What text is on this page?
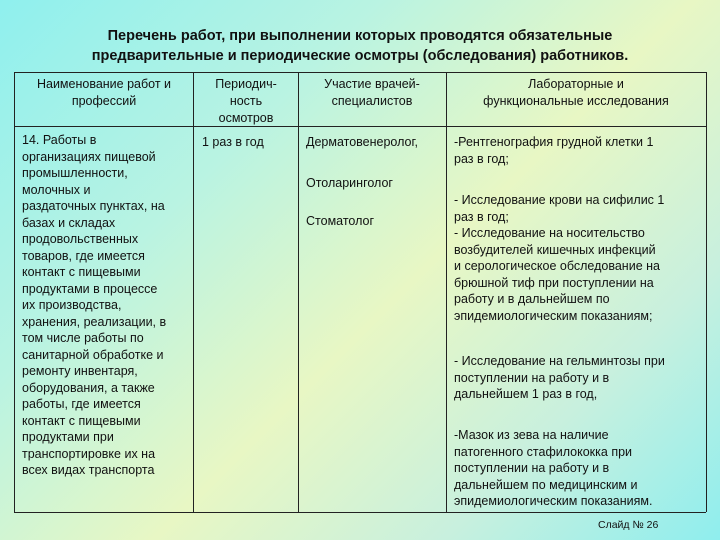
Перечень работ, при выполнении которых проводятся обязательные
предварительные и периодические осмотры (обследования) работников.
Наименование работ и
профессий
Периодич-
ность
осмотров
Участие врачей-
специалистов
Лабораторные и
функциональные исследования
14. Работы в
организациях пищевой
промышленности,
молочных и
раздаточных пунктах, на
базах и складах
продовольственных
товаров, где имеется
контакт с пищевыми
продуктами в процессе
их производства,
хранения, реализации, в
том числе работы по
санитарной обработке и
ремонту инвентаря,
оборудования, а также
работы, где имеется
контакт с пищевыми
продуктами при
транспортировке их на
всех видах транспорта
1 раз в год	Дерматовенеролог,
Отоларинголог
Стоматолог
-Рентгенография грудной клетки 1
раз в год;
- Исследование крови на сифилис 1
раз в год;
- Исследование на носительство
возбудителей кишечных инфекций
и серологическое обследование на
брюшной тиф при поступлении на
работу и в дальнейшем по
эпидемиологическим показаниям;
- Исследование на гельминтозы при
поступлении на работу и в
дальнейшем 1 раз в год,
-Мазок из зева на наличие
патогенного стафилококка при
поступлении на работу и в
дальнейшем по медицинским и
эпидемиологическим показаниям.
Слайд № 26
